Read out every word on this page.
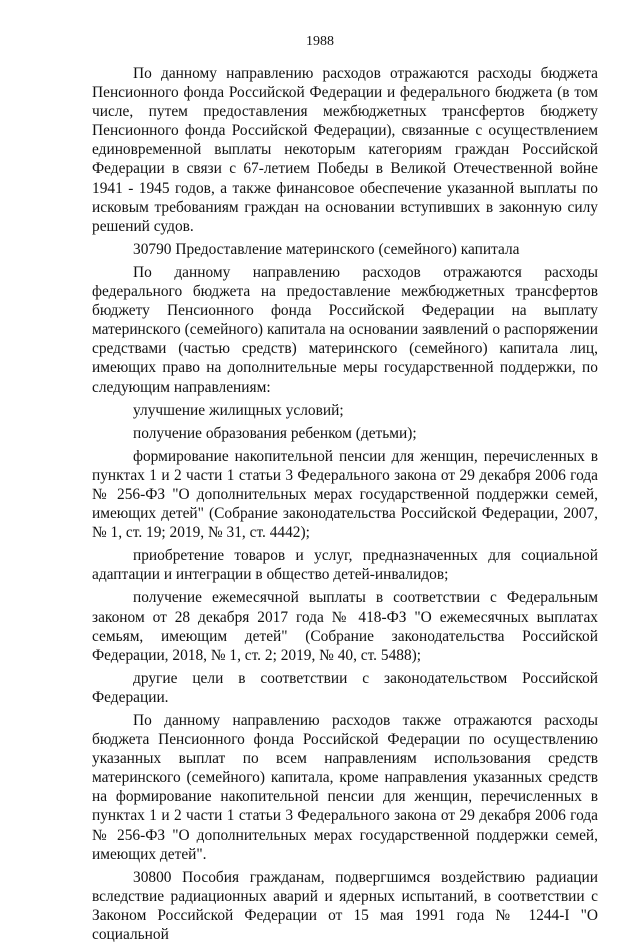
1988

По данному направлению расходов отражаются расходы бюджета Пенсионного фонда Российской Федерации и федерального бюджета (в том числе, путем предоставления межбюджетных трансфертов бюджету Пенсионного фонда Российской Федерации), связанные с осуществлением единовременной выплаты некоторым категориям граждан Российской Федерации в связи с 67-летием Победы в Великой Отечественной войне 1941 - 1945 годов, а также финансовое обеспечение указанной выплаты по исковым требованиям граждан на основании вступивших в законную силу решений судов.

30790 Предоставление материнского (семейного) капитала

По данному направлению расходов отражаются расходы федерального бюджета на предоставление межбюджетных трансфертов бюджету Пенсионного фонда Российской Федерации на выплату материнского (семейного) капитала на основании заявлений о распоряжении средствами (частью средств) материнского (семейного) капитала лиц, имеющих право на дополнительные меры государственной поддержки, по следующим направлениям:

улучшение жилищных условий;

получение образования ребенком (детьми);

формирование накопительной пенсии для женщин, перечисленных в пунктах 1 и 2 части 1 статьи 3 Федерального закона от 29 декабря 2006 года № 256-ФЗ "О дополнительных мерах государственной поддержки семей, имеющих детей" (Собрание законодательства Российской Федерации, 2007, № 1, ст. 19; 2019, № 31, ст. 4442);

приобретение товаров и услуг, предназначенных для социальной адаптации и интеграции в общество детей-инвалидов;

получение ежемесячной выплаты в соответствии с Федеральным законом от 28 декабря 2017 года № 418-ФЗ "О ежемесячных выплатах семьям, имеющим детей" (Собрание законодательства Российской Федерации, 2018, № 1, ст. 2; 2019, № 40, ст. 5488);

другие цели в соответствии с законодательством Российской Федерации.

По данному направлению расходов также отражаются расходы бюджета Пенсионного фонда Российской Федерации по осуществлению указанных выплат по всем направлениям использования средств материнского (семейного) капитала, кроме направления указанных средств на формирование накопительной пенсии для женщин, перечисленных в пунктах 1 и 2 части 1 статьи 3 Федерального закона от 29 декабря 2006 года № 256-ФЗ "О дополнительных мерах государственной поддержки семей, имеющих детей".

30800 Пособия гражданам, подвергшимся воздействию радиации вследствие радиационных аварий и ядерных испытаний, в соответствии с Законом Российской Федерации от 15 мая 1991 года № 1244-I "О социальной
